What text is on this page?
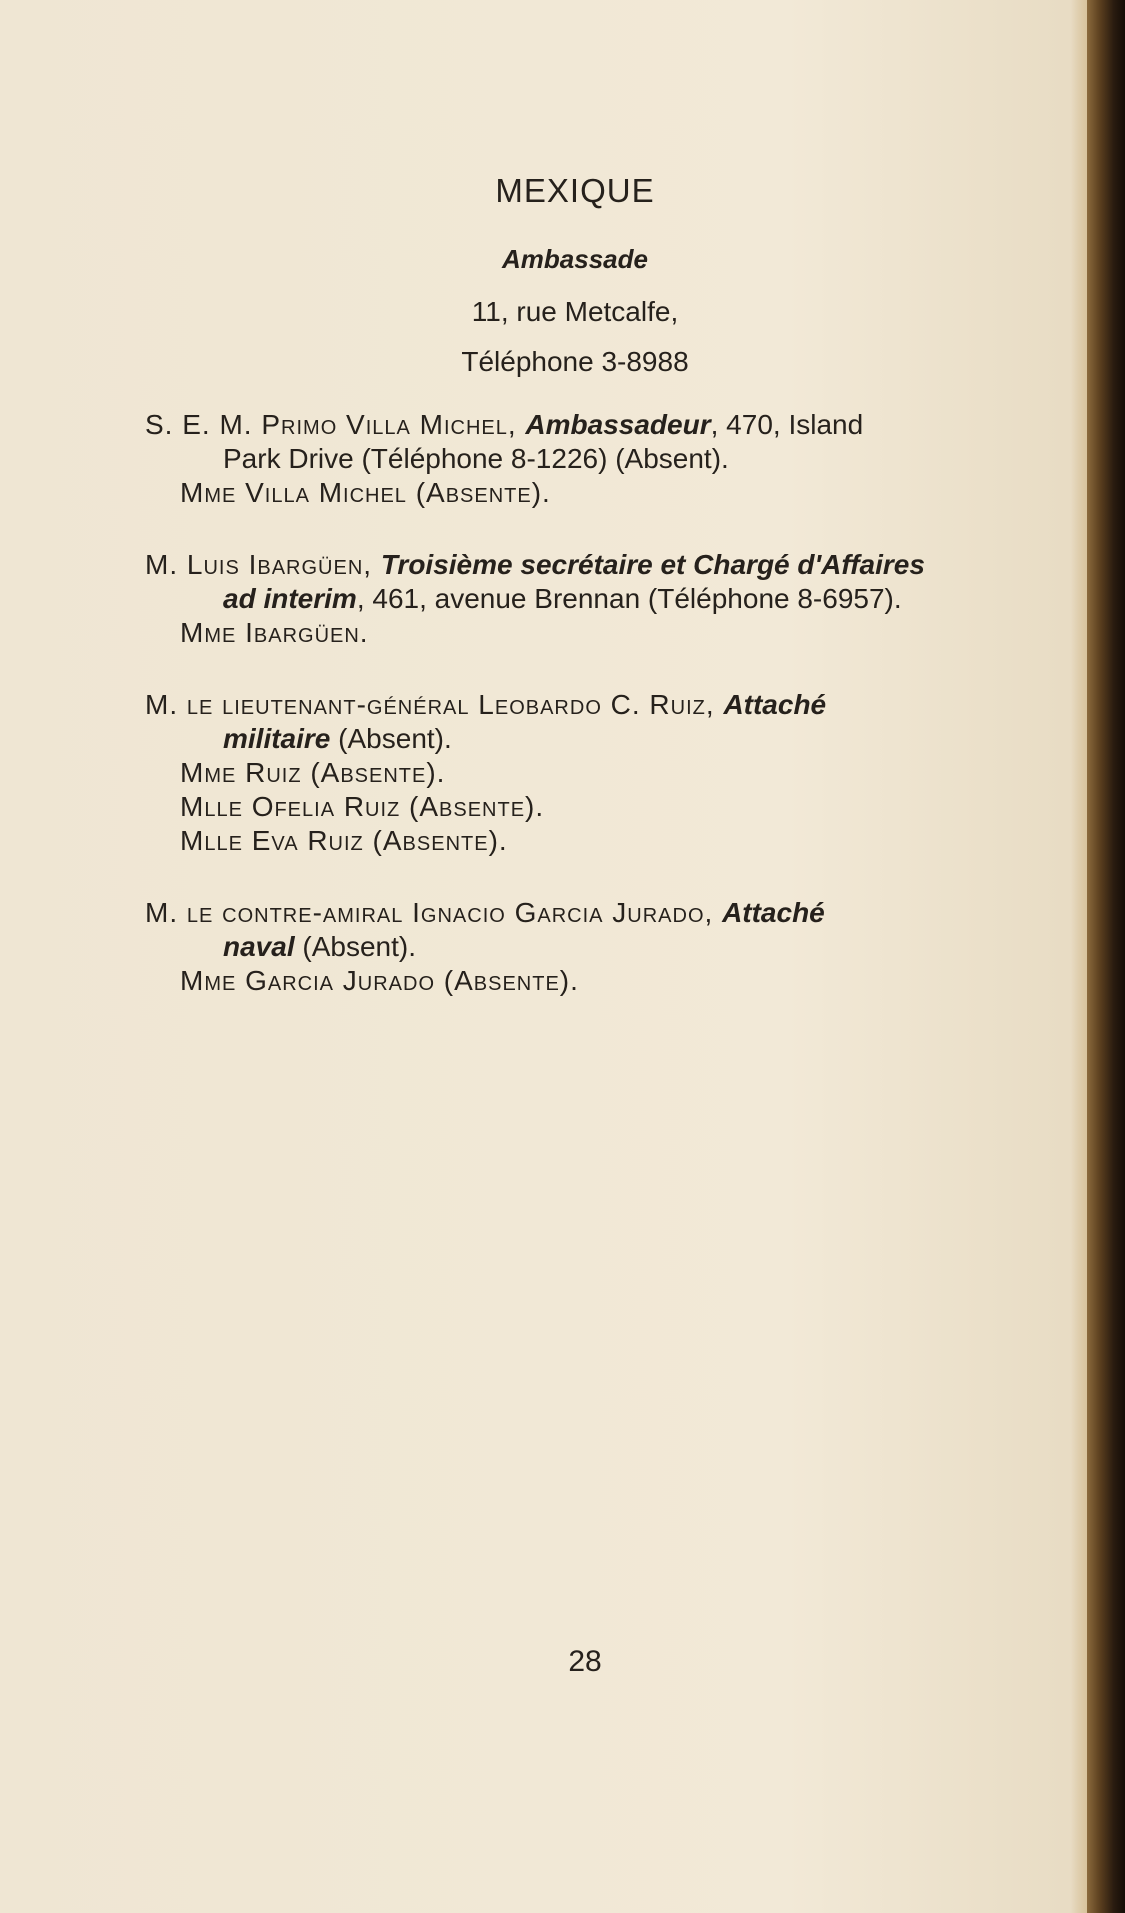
MEXIQUE
Ambassade
11, rue Metcalfe,
Téléphone 3-8988
S. E. M. Primo Villa Michel, Ambassadeur, 470, Island
Park Drive (Téléphone 8-1226) (Absent).
Mme Villa Michel (Absente).
M. Luis Ibargüen, Troisième secrétaire et Chargé d'Affaires
ad interim, 461, avenue Brennan (Téléphone 8-6957).
Mme Ibargüen.
M. le lieutenant-général Leobardo C. Ruiz, Attaché
militaire (Absent).
Mme Ruiz (Absente).
Mlle Ofelia Ruiz (Absente).
Mlle Eva Ruiz (Absente).
M. le contre-amiral Ignacio Garcia Jurado, Attaché
naval (Absent).
Mme Garcia Jurado (Absente).
28
